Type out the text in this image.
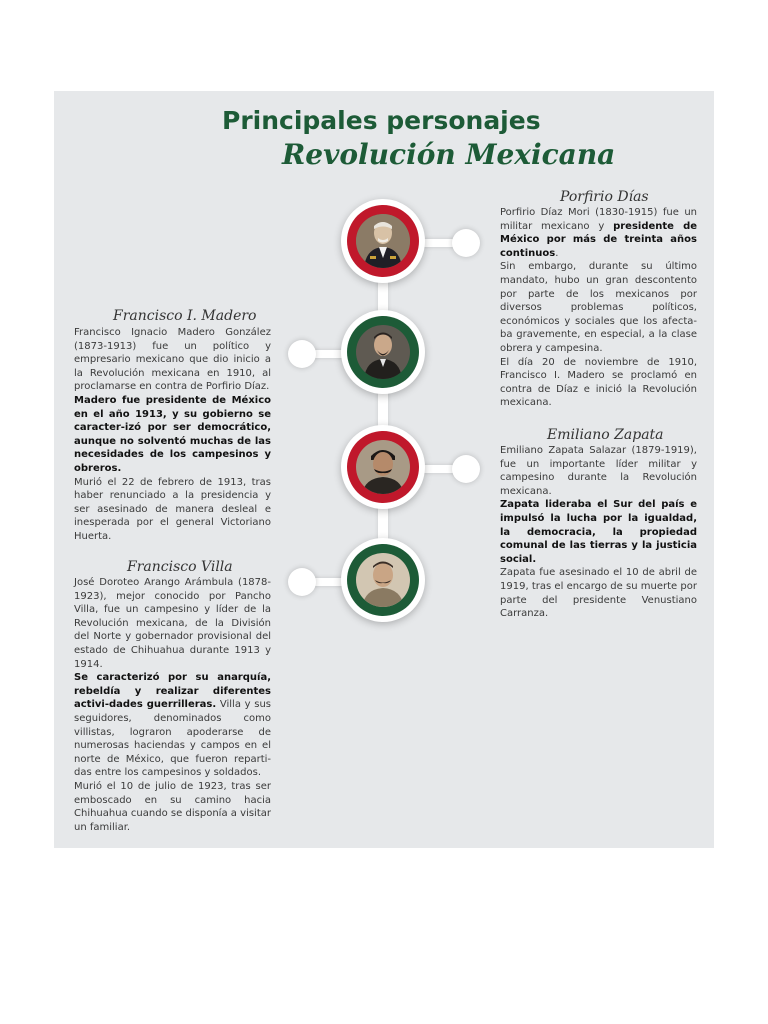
Principales personajes
Revolución Mexicana
Porfirio Días

Porfirio Díaz Mori (1830-1915) fue un militar mexicano y presidente de México por más de treinta años continuos.

Sin embargo, durante su último mandato, hubo un gran descontento por parte de los mexicanos por diversos problemas políticos, económicos y sociales que los afecta-ba gravemente, en especial, a la clase obrera y campesina.

El día 20 de noviembre de 1910, Francisco I. Madero se proclamó en contra de Díaz e inició la Revolución mexicana.

Francisco I. Madero

Francisco Ignacio Madero González (1873-1913) fue un político y empresario mexicano que dio inicio a la Revolución mexicana en 1910, al proclamarse en contra de Porfirio Díaz.

Madero fue presidente de México en el año 1913, y su gobierno se caracter-izó por ser democrático, aunque no solventó muchas de las necesidades de los campesinos y obreros.

Murió el 22 de febrero de 1913, tras haber renunciado a la presidencia y ser asesinado de manera desleal e inesperada por el general Victoriano Huerta.

Emiliano Zapata

Emiliano Zapata Salazar (1879-1919), fue un importante líder militar y campesino durante la Revolución mexicana.

Zapata lideraba el Sur del país e impulsó la lucha por la igualdad, la democracia, la propiedad comunal de las tierras y la justicia social.

Zapata fue asesinado el 10 de abril de 1919, tras el encargo de su muerte por parte del presidente Venustiano Carranza.

Francisco Villa

José Doroteo Arango Arámbula (1878-1923), mejor conocido por Pancho Villa, fue un campesino y líder de la Revolución mexicana, de la División del Norte y gobernador provisional del estado de Chihuahua durante 1913 y 1914.

Se caracterizó por su anarquía, rebeldía y realizar diferentes activi-dades guerrilleras. Villa y sus seguidores, denominados como villistas, lograron apoderarse de numerosas haciendas y campos en el norte de México, que fueron reparti-das entre los campesinos y soldados.

Murió el 10 de julio de 1923, tras ser emboscado en su camino hacia Chihuahua cuando se disponía a visitar un familiar.
